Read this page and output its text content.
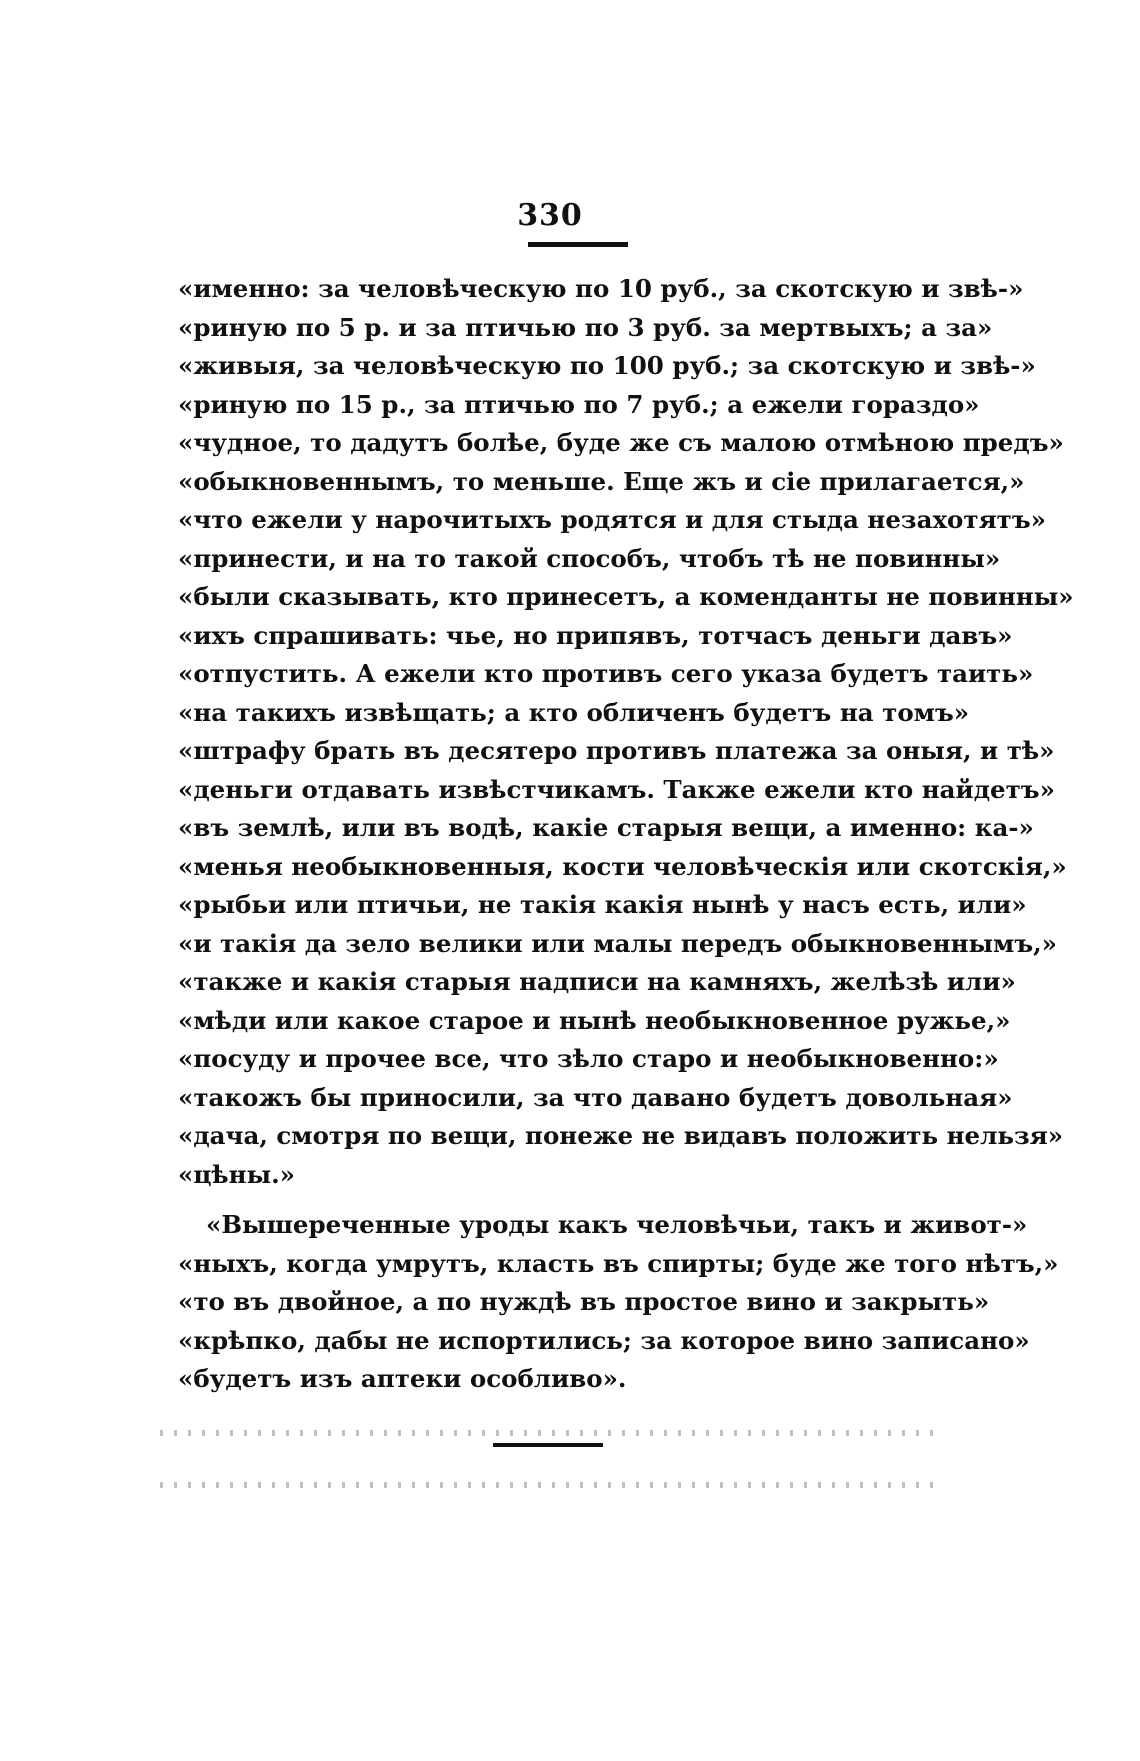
330
«именно: за человѣческую по 10 руб., за скотскую и звѣ-»
«риную по 5 р. и за птичью по 3 руб. за мертвыхъ; а за»
«живыя, за человѣческую по 100 руб.; за скотскую и звѣ-»
«риную по 15 р., за птичью по 7 руб.; а ежели гораздо»
«чудное, то дадутъ болѣе, буде же съ малою отмѣною предъ»
«обыкновеннымъ, то меньше. Еще жъ и сіе прилагается,»
«что ежели у нарочитыхъ родятся и для стыда незахотятъ»
«принести, и на то такой способъ, чтобъ тѣ не повинны»
«были сказывать, кто принесетъ, а коменданты не повинны»
«ихъ спрашивать: чье, но припявъ, тотчасъ деньги давъ»
«отпустить. А ежели кто противъ сего указа будетъ таить»
«на такихъ извѣщать; а кто обличенъ будетъ на томъ»
«штрафу брать въ десятеро противъ платежа за оныя, и тѣ»
«деньги отдавать извѣстчикамъ. Также ежели кто найдетъ»
«въ землѣ, или въ водѣ, какіе старыя вещи, а именно: ка-»
«менья необыкновенныя, кости человѣческія или скотскія,»
«рыбьи или птичьи, не такія какія нынѣ у насъ есть, или»
«и такія да зело велики или малы передъ обыкновеннымъ,»
«также и какія старыя надписи на камняхъ, желѣзѣ или»
«мѣди или какое старое и нынѣ необыкновенное ружье,»
«посуду и прочее все, что зѣло старо и необыкновенно:»
«такожъ бы приносили, за что давано будетъ довольная»
«дача, смотря по вещи, понеже не видавъ положить нельзя»
«цѣны.»
«Вышереченные уроды какъ человѣчьи, такъ и живот-»
«ныхъ, когда умрутъ, класть въ спирты; буде же того нѣтъ,»
«то въ двойное, а по нуждѣ въ простое вино и закрыть»
«крѣпко, дабы не испортились; за которое вино записано»
«будетъ изъ аптеки особливо».
